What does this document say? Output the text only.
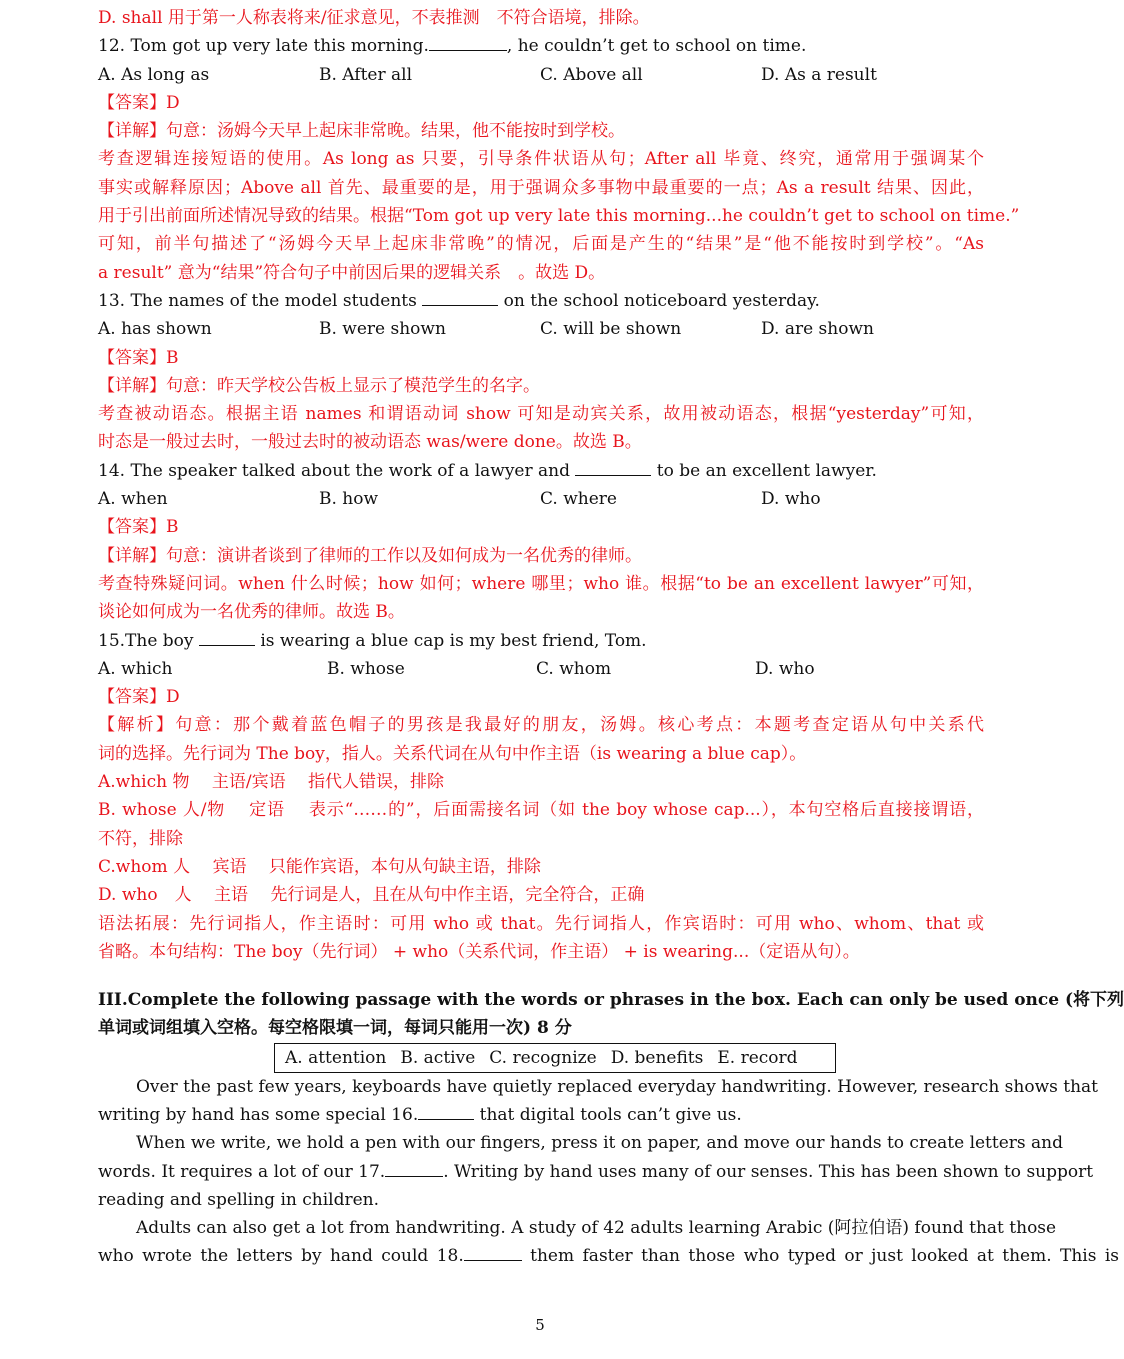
D. shall 用于第一人称表将来/征求意见，不表推测　不符合语境，排除。
12. Tom got up very late this morning.	, he couldn’t get to school on time.
A. As long as	B. After all	C. Above all	D. As a result
【答案】D
【详解】句意：汤姆今天早上起床非常晚。结果，他不能按时到学校。
考查逻辑连接短语的使用。As long as 只要，引导条件状语从句；After all 毕竟、终究，通常用于强调某个
事实或解释原因；Above all 首先、最重要的是，用于强调众多事物中最重要的一点；As a result 结果、因此，
用于引出前面所述情况导致的结果。根据“Tom got up very late this morning...he couldn’t get to school on time.”
可知，前半句描述了“汤姆今天早上起床非常晚”的情况，后面是产生的“结果”是“他不能按时到学校”。“As
a result” 意为“结果”符合句子中前因后果的逻辑关系　。故选 D。
13. The names of the model students	on the school noticeboard yesterday.
A. has shown	B. were shown	C. will be shown	D. are shown
【答案】B
【详解】句意：昨天学校公告板上显示了模范学生的名字。
考查被动语态。根据主语 names 和谓语动词 show 可知是动宾关系，故用被动语态，根据“yesterday”可知，
时态是一般过去时，一般过去时的被动语态 was/were done。故选 B。
14. The speaker talked about the work of a lawyer and	to be an excellent lawyer.
A. when	B. how	C. where	D. who
【答案】B
【详解】句意：演讲者谈到了律师的工作以及如何成为一名优秀的律师。
考查特殊疑问词。when 什么时候；how 如何；where 哪里；who 谁。根据“to be an excellent lawyer”可知，
谈论如何成为一名优秀的律师。故选 B。
15.The boy	is wearing a blue cap is my best friend, Tom.
A. which	B. whose	C. whom	D. who
【答案】D
【解析】句意：那个戴着蓝色帽子的男孩是我最好的朋友，汤姆。核心考点：本题考查定语从句中关系代
词的选择。先行词为 The boy，指人。关系代词在从句中作主语（is wearing a blue cap）。
A.which 物　 主语/宾语　 指代人错误，排除
B. whose 人/物　 定语　 表示“……的”，后面需接名词（如 the boy whose cap...），本句空格后直接接谓语，
不符，排除
C.whom 人　 宾语　 只能作宾语，本句从句缺主语，排除
D. who　人　 主语　 先行词是人，且在从句中作主语，完全符合，正确
语法拓展：先行词指人，作主语时：可用 who 或 that。先行词指人，作宾语时：可用 who、whom、that 或
省略。本句结构：The boy（先行词） + who（关系代词，作主语） + is wearing...（定语从句）。
III.Complete the following passage with the words or phrases in the box. Each can only be used once (将下列
单词或词组填入空格。每空格限填一词，每词只能用一次) 8 分
A. attention B. active C. recognize D. benefits E. record
Over the past few years, keyboards have quietly replaced everyday handwriting. However, research shows that
writing by hand has some special 16.	that digital tools can’t give us.
When we write, we hold a pen with our fingers, press it on paper, and move our hands to create letters and
words. It requires a lot of our 17.	. Writing by hand uses many of our senses. This has been shown to support
reading and spelling in children.
Adults can also get a lot from handwriting. A study of 42 adults learning Arabic (阿拉伯语) found that those
who wrote the letters by hand could 18.	them faster than those who typed or just looked at them. This is
5
